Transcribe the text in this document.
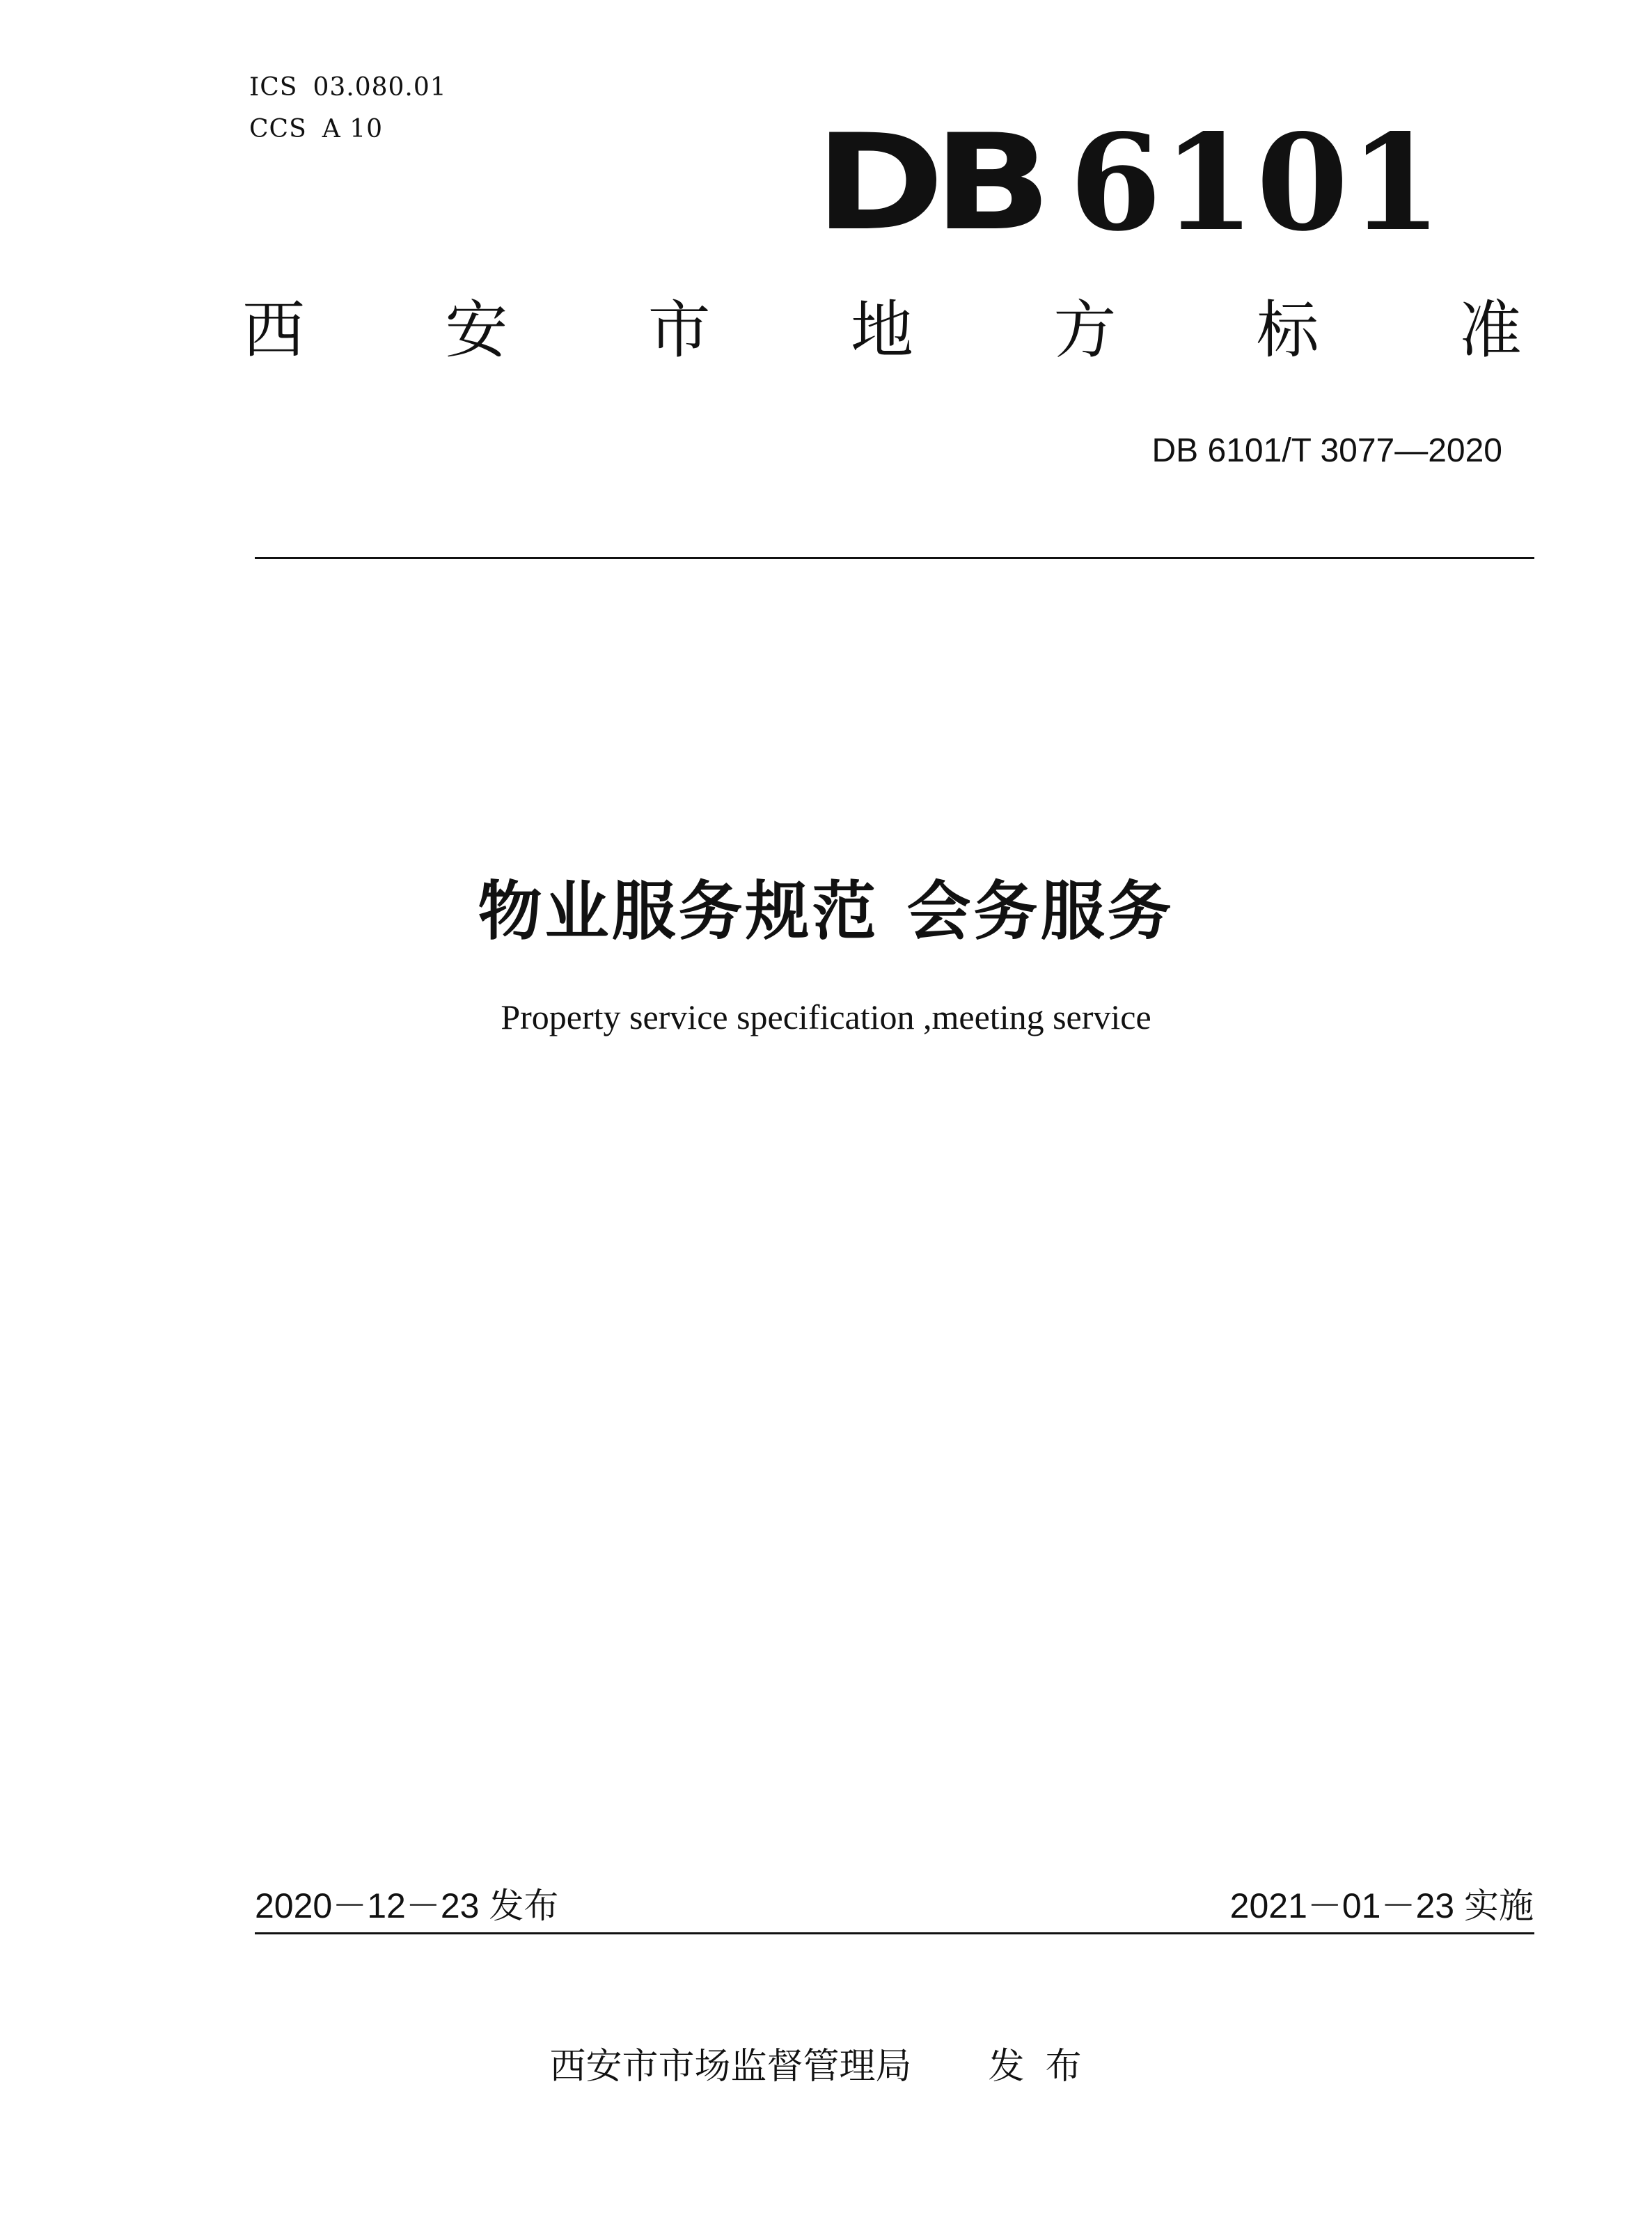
ICS 03.080.01
CCS A 10	DB 6101
西 安 市 地 方 标 准
DB 6101/T 3077—2020
物业服务规范 会务服务
Property service specification ,meeting service
2020－12－23 发布	2021－01－23 实施
西安市市场监督管理局 发布
